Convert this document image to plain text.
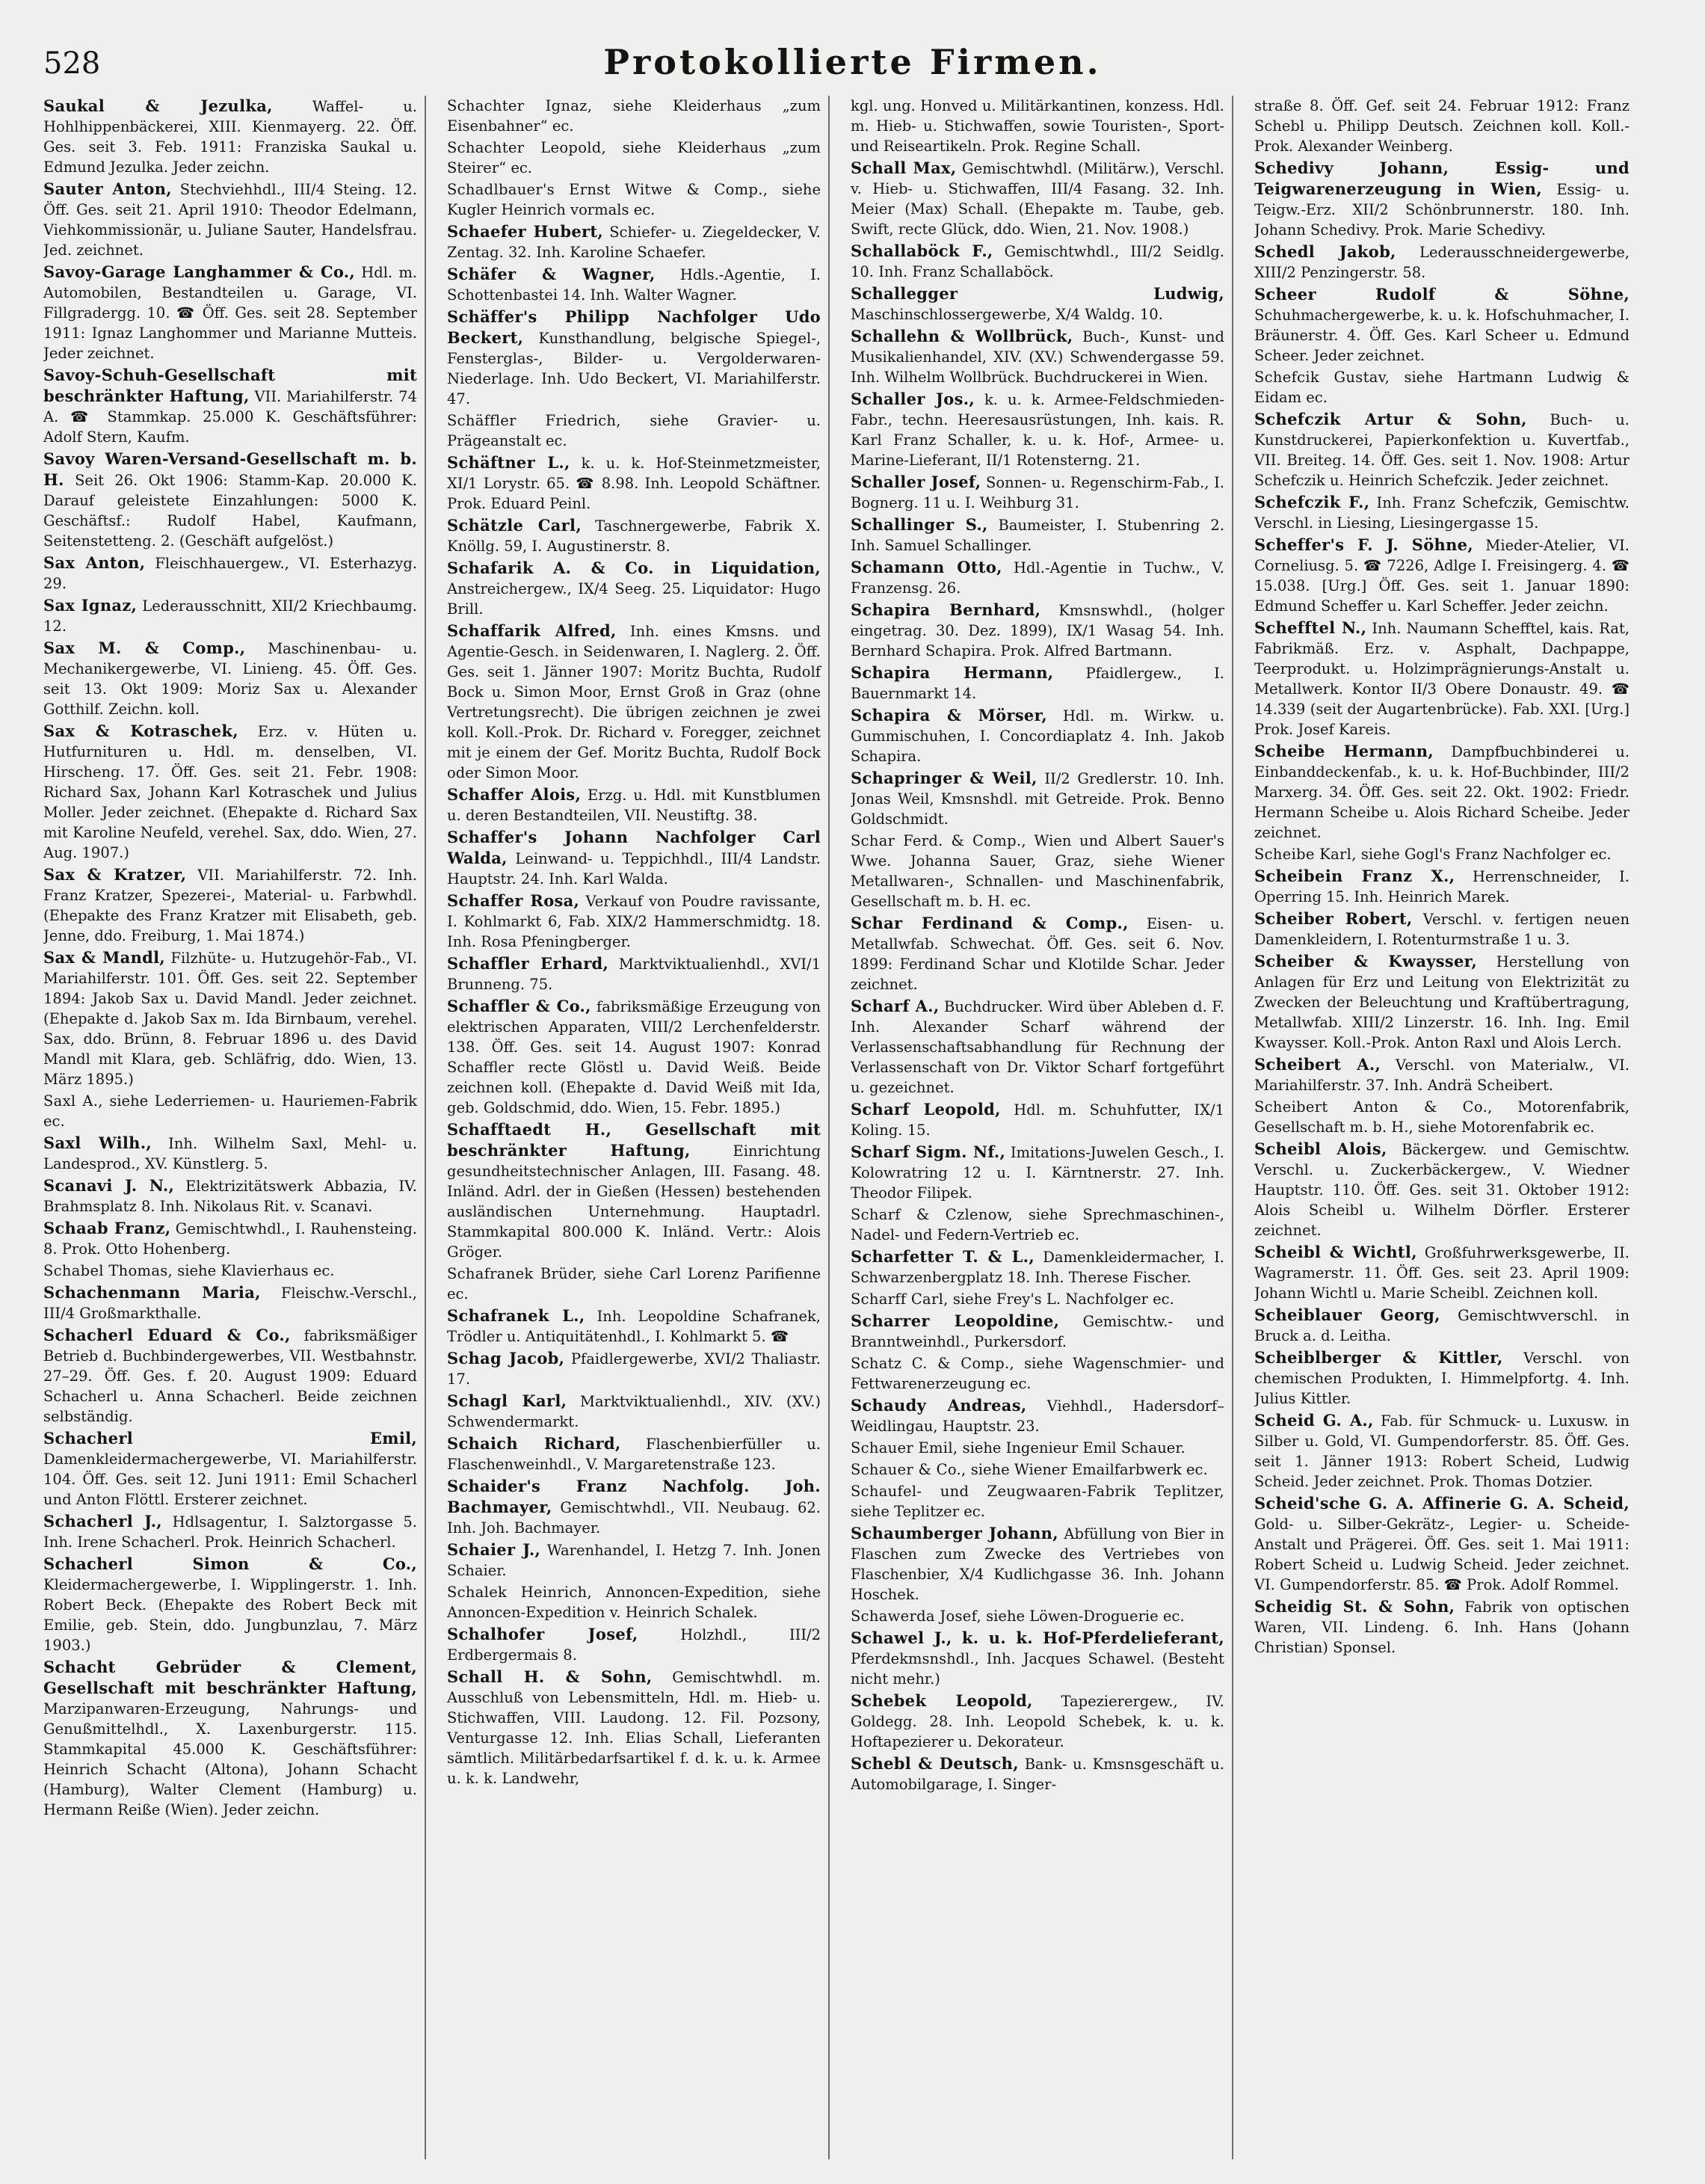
528	Protokollierte Firmen.

Saukal & Jezulka,	Waffel- u. Hohlhippenbäckerei, XIII. Kienmayerg. 22. Öff. Ges. seit 3. Feb. 1911: Franziska Saukal u. Edmund Jezulka. Jeder zeichn.

Sauter Anton, Stechviehhdl., III/4 Steing. 12. Öff. Ges. seit 21. April 1910: Theodor Edelmann, Viehkommissionär, u. Juliane Sauter, Handelsfrau. Jed. zeichnet.

Savoy-Garage Langhammer & Co., Hdl. m. Automobilen, Bestandteilen u. Garage, VI. Fillgradergg. 10. ☎ Öff. Ges. seit 28. September 1911: Ignaz Langhommer und Marianne Mutteis. Jeder zeichnet.

Savoy-Schuh-Gesellschaft mit beschränkter Haftung, VII. Mariahilferstr. 74 A. ☎ Stammkap. 25.000 K. Geschäftsführer: Adolf Stern, Kaufm.

Savoy Waren-Versand-Gesellschaft m. b. H. Seit 26. Okt 1906: Stamm-Kap. 20.000 K. Darauf geleistete Einzahlungen: 5000 K. Geschäftsf.: Rudolf Habel, Kaufmann, Seitenstetteng. 2. (Geschäft aufgelöst.)

Sax Anton, Fleischhauergew., VI. Esterhazyg. 29.

Sax Ignaz, Lederausschnitt, XII/2 Kriechbaumg. 12.

Sax M. & Comp., Maschinenbau- u. Mechanikergewerbe, VI. Linieng. 45. Öff. Ges. seit 13. Okt 1909: Moriz Sax u. Alexander Gotthilf. Zeichn. koll.

Sax & Kotraschek, Erz. v. Hüten u. Hutfurnituren u. Hdl. m. denselben, VI. Hirscheng. 17. Öff. Ges. seit 21. Febr. 1908: Richard Sax, Johann Karl Kotraschek und Julius Moller. Jeder zeichnet. (Ehepakte d. Richard Sax mit Karoline Neufeld, verehel. Sax, ddo. Wien, 27. Aug. 1907.)

Sax & Kratzer, VII. Mariahilferstr. 72. Inh. Franz Kratzer, Spezerei-, Material- u. Farbwhdl. (Ehepakte des Franz Kratzer mit Elisabeth, geb. Jenne, ddo. Freiburg, 1. Mai 1874.)

Sax & Mandl, Filzhüte- u. Hutzugehör-Fab., VI. Mariahilferstr. 101. Öff. Ges. seit 22. September 1894: Jakob Sax u. David Mandl. Jeder zeichnet. (Ehepakte d. Jakob Sax m. Ida Birnbaum, verehel. Sax, ddo. Brünn, 8. Februar 1896 u. des David Mandl mit Klara, geb. Schläfrig, ddo. Wien, 13. März 1895.)

Saxl A., siehe Lederriemen- u. Hauriemen-Fabrik ec.

Saxl Wilh., Inh. Wilhelm Saxl, Mehl- u. Landesprod., XV. Künstlerg. 5.

Scanavi J. N., Elektrizitätswerk Abbazia, IV. Brahmsplatz 8. Inh. Nikolaus Rit. v. Scanavi.

Schaab Franz, Gemischtwhdl., I. Rauhensteing. 8. Prok. Otto Hohenberg.

Schabel Thomas, siehe Klavierhaus ec.

Schachenmann Maria, Fleischw.-Verschl., III/4 Großmarkthalle.

Schacherl Eduard & Co., fabriksmäßiger Betrieb d. Buchbindergewerbes, VII. Westbahnstr. 27–29. Öff. Ges. f. 20. August 1909: Eduard Schacherl u. Anna Schacherl. Beide zeichnen selbständig.

Schacherl Emil, Damenkleidermachergewerbe, VI. Mariahilferstr. 104. Öff. Ges. seit 12. Juni 1911: Emil Schacherl und Anton Flöttl. Ersterer zeichnet.

Schacherl J., Hdlsagentur, I. Salztorgasse 5. Inh. Irene Schacherl. Prok. Heinrich Schacherl.

Schacherl Simon & Co., Kleidermachergewerbe, I. Wipplingerstr. 1. Inh. Robert Beck. (Ehepakte des Robert Beck mit Emilie, geb. Stein, ddo. Jungbunzlau, 7. März 1903.)

Schacht Gebrüder & Clement, Gesellschaft mit beschränkter Haftung, Marzipanwaren-Erzeugung, Nahrungs- und Genußmittelhdl., X. Laxenburgerstr. 115. Stammkapital 45.000 K. Geschäftsführer: Heinrich Schacht (Altona), Johann Schacht (Hamburg), Walter Clement (Hamburg) u. Hermann Reiße (Wien). Jeder zeichn.

Schachter Ignaz, siehe Kleiderhaus „zum Eisenbahner“ ec.

Schachter Leopold, siehe Kleiderhaus „zum Steirer“ ec.

Schadlbauer's Ernst Witwe & Comp., siehe Kugler Heinrich vormals ec.

Schaefer Hubert, Schiefer- u. Ziegeldecker, V. Zentag. 32. Inh. Karoline Schaefer.

Schäfer & Wagner, Hdls.-Agentie, I. Schottenbastei 14. Inh. Walter Wagner.

Schäffer's Philipp Nachfolger Udo Beckert, Kunsthandlung, belgische Spiegel-, Fensterglas-, Bilder- u. Vergolderwaren-Niederlage. Inh. Udo Beckert, VI. Mariahilferstr. 47.

Schäffler Friedrich, siehe Gravier- u. Prägeanstalt ec.

Schäftner L., k. u. k. Hof-Steinmetzmeister, XI/1 Lorystr. 65. ☎ 8.98. Inh. Leopold Schäftner. Prok. Eduard Peinl.

Schätzle Carl, Taschnergewerbe, Fabrik X. Knöllg. 59, I. Augustinerstr. 8.

Schafarik A. & Co. in Liquidation, Anstreichergew., IX/4 Seeg. 25. Liquidator: Hugo Brill.

Schaffarik Alfred, Inh. eines Kmsns. und Agentie-Gesch. in Seidenwaren, I. Naglerg. 2. Öff. Ges. seit 1. Jänner 1907: Moritz Buchta, Rudolf Bock u. Simon Moor, Ernst Groß in Graz (ohne Vertretungsrecht). Die übrigen zeichnen je zwei koll. Koll.-Prok. Dr. Richard v. Foregger, zeichnet mit je einem der Gef. Moritz Buchta, Rudolf Bock oder Simon Moor.

Schaffer Alois, Erzg. u. Hdl. mit Kunstblumen u. deren Bestandteilen, VII. Neustiftg. 38.

Schaffer's Johann Nachfolger Carl Walda, Leinwand- u. Teppichhdl., III/4 Landstr. Hauptstr. 24. Inh. Karl Walda.

Schaffer Rosa, Verkauf von Poudre ravissante, I. Kohlmarkt 6, Fab. XIX/2 Hammerschmidtg. 18. Inh. Rosa Pfeningberger.

Schaffler Erhard, Marktviktualienhdl., XVI/1 Brunneng. 75.

Schaffler & Co., fabriksmäßige Erzeugung von elektrischen Apparaten, VIII/2 Lerchenfelderstr. 138. Öff. Ges. seit 14. August 1907: Konrad Schaffler recte Glöstl u. David Weiß. Beide zeichnen koll. (Ehepakte d. David Weiß mit Ida, geb. Goldschmid, ddo. Wien, 15. Febr. 1895.)

Schafftaedt H., Gesellschaft mit beschränkter Haftung,	Einrichtung gesundheitstechnischer Anlagen, III. Fasang. 48. Inländ. Adrl. der in Gießen (Hessen) bestehenden ausländischen Unternehmung. Hauptadrl. Stammkapital 800.000 K. Inländ. Vertr.: Alois Gröger.

Schafranek Brüder, siehe Carl Lorenz Parifienne ec.

Schafranek L., Inh. Leopoldine Schafranek, Trödler u. Antiquitätenhdl., I. Kohlmarkt 5. ☎

Schag Jacob, Pfaidlergewerbe, XVI/2 Thaliastr. 17.

Schagl Karl, Marktviktualienhdl., XIV. (XV.) Schwendermarkt.

Schaich Richard, Flaschenbierfüller u. Flaschenweinhdl., V. Margaretenstraße 123.

Schaider's Franz Nachfolg. Joh. Bachmayer, Gemischtwhdl., VII. Neubaug. 62. Inh. Joh. Bachmayer.

Schaier J., Warenhandel, I. Hetzg 7. Inh. Jonen Schaier.

Schalek Heinrich, Annoncen-Expedition, siehe Annoncen-Expedition v. Heinrich Schalek.

Schalhofer Josef,	Holzhdl., III/2 Erdbergermais 8.

Schall H. & Sohn, Gemischtwhdl. m. Ausschluß von Lebensmitteln, Hdl. m. Hieb- u. Stichwaffen, VIII. Laudong. 12. Fil. Pozsony, Venturgasse 12. Inh. Elias Schall, Lieferanten sämtlich. Militärbedarfsartikel f. d. k. u. k. Armee u. k. k. Landwehr,

kgl. ung. Honved u. Militärkantinen, konzess. Hdl. m. Hieb- u. Stichwaffen, sowie Touristen-, Sport- und Reiseartikeln. Prok. Regine Schall.

Schall Max, Gemischtwhdl. (Militärw.), Verschl. v. Hieb- u. Stichwaffen, III/4 Fasang. 32. Inh. Meier (Max) Schall. (Ehepakte m. Taube, geb. Swift, recte Glück, ddo. Wien, 21. Nov. 1908.)

Schallaböck F., Gemischtwhdl., III/2 Seidlg. 10. Inh. Franz Schallaböck.

Schallegger Ludwig, Maschinschlossergewerbe, X/4 Waldg. 10.

Schallehn & Wollbrück, Buch-, Kunst- und Musikalienhandel, XIV. (XV.) Schwendergasse 59. Inh. Wilhelm Wollbrück. Buchdruckerei in Wien.

Schaller Jos., k. u. k. Armee-Feldschmieden-Fabr., techn. Heeresausrüstungen, Inh. kais. R. Karl Franz Schaller, k. u. k. Hof-, Armee- u. Marine-Lieferant, II/1 Rotensterng. 21.

Schaller Josef, Sonnen- u. Regenschirm-Fab., I. Bognerg. 11 u. I. Weihburg 31.

Schallinger S., Baumeister, I. Stubenring 2. Inh. Samuel Schallinger.

Schamann Otto, Hdl.-Agentie in Tuchw., V. Franzensg. 26.

Schapira Bernhard, Kmsnswhdl., (holger eingetrag. 30. Dez. 1899), IX/1 Wasag 54. Inh. Bernhard Schapira. Prok. Alfred Bartmann.

Schapira Hermann, Pfaidlergew., I. Bauernmarkt 14.

Schapira & Mörser, Hdl. m. Wirkw. u. Gummischuhen, I. Concordiaplatz 4. Inh. Jakob Schapira.

Schapringer & Weil, II/2 Gredlerstr. 10. Inh. Jonas Weil, Kmsnshdl. mit Getreide. Prok. Benno Goldschmidt.

Schar Ferd. & Comp., Wien und Albert Sauer's Wwe. Johanna Sauer, Graz, siehe Wiener Metallwaren-, Schnallen- und Maschinenfabrik, Gesellschaft m. b. H. ec.

Schar Ferdinand & Comp., Eisen- u. Metallwfab. Schwechat. Öff. Ges. seit 6. Nov. 1899: Ferdinand Schar und Klotilde Schar. Jeder zeichnet.

Scharf A., Buchdrucker. Wird über Ableben d. F. Inh. Alexander Scharf während der Verlassenschaftsabhandlung für Rechnung der Verlassenschaft von Dr. Viktor Scharf fortgeführt u. gezeichnet.

Scharf Leopold, Hdl. m. Schuhfutter, IX/1 Koling. 15.

Scharf Sigm. Nf., Imitations-Juwelen Gesch., I. Kolowratring 12 u. I. Kärntnerstr. 27. Inh. Theodor Filipek.

Scharf & Czlenow, siehe Sprechmaschinen-, Nadel- und Federn-Vertrieb ec.

Scharfetter T. & L., Damenkleidermacher, I. Schwarzenbergplatz 18. Inh. Therese Fischer.

Scharff Carl, siehe Frey's L. Nachfolger ec.

Scharrer Leopoldine, Gemischtw.- und Branntweinhdl., Purkersdorf.

Schatz C. & Comp., siehe Wagenschmier- und Fettwarenerzeugung ec.

Schaudy Andreas, Viehhdl., Hadersdorf–Weidlingau, Hauptstr. 23.

Schauer Emil, siehe Ingenieur Emil Schauer.

Schauer & Co., siehe Wiener Emailfarbwerk ec.

Schaufel- und Zeugwaaren-Fabrik Teplitzer, siehe Teplitzer ec.

Schaumberger Johann, Abfüllung von Bier in Flaschen zum Zwecke des Vertriebes von Flaschenbier, X/4 Kudlichgasse 36. Inh. Johann Hoschek.

Schawerda Josef, siehe Löwen-Droguerie ec.

Schawel J., k. u. k. Hof-Pferdelieferant, Pferdekmsnshdl., Inh. Jacques Schawel. (Besteht nicht mehr.)

Schebek Leopold, Tapezierergew., IV. Goldegg. 28. Inh. Leopold Schebek, k. u. k. Hoftapezierer u. Dekorateur.

Schebl & Deutsch, Bank- u. Kmsnsgeschäft u. Automobilgarage, I. Singer-

straße 8. Öff. Gef. seit 24. Februar 1912: Franz Schebl u. Philipp Deutsch. Zeichnen koll. Koll.-Prok. Alexander Weinberg.

Schedivy Johann, Essig- und Teigwarenerzeugung in Wien, Essig- u. Teigw.-Erz. XII/2 Schönbrunnerstr. 180. Inh. Johann Schedivy. Prok. Marie Schedivy.

Schedl Jakob, Lederausschneidergewerbe, XIII/2 Penzingerstr. 58.

Scheer Rudolf & Söhne, Schuhmachergewerbe, k. u. k. Hofschuhmacher, I. Bräunerstr. 4. Öff. Ges. Karl Scheer u. Edmund Scheer. Jeder zeichnet.

Schefcik Gustav, siehe Hartmann Ludwig & Eidam ec.

Schefczik Artur & Sohn, Buch- u. Kunstdruckerei, Papierkonfektion u. Kuvertfab., VII. Breiteg. 14. Öff. Ges. seit 1. Nov. 1908: Artur Schefczik u. Heinrich Schefczik. Jeder zeichnet.

Schefczik F., Inh. Franz Schefczik, Gemischtw. Verschl. in Liesing, Liesingergasse 15.

Scheffer's F. J. Söhne, Mieder-Atelier, VI. Corneliusg. 5. ☎ 7226, Adlge I. Freisingerg. 4. ☎ 15.038. [Urg.] Öff. Ges. seit 1. Januar 1890: Edmund Scheffer u. Karl Scheffer. Jeder zeichn.

Schefftel N., Inh. Naumann Schefftel, kais. Rat, Fabrikmäß. Erz. v. Asphalt, Dachpappe, Teerprodukt. u. Holzimprägnierungs-Anstalt u. Metallwerk. Kontor II/3 Obere Donaustr. 49. ☎ 14.339 (seit der Augartenbrücke). Fab. XXI. [Urg.] Prok. Josef Kareis.

Scheibe Hermann, Dampfbuchbinderei u. Einbanddeckenfab., k. u. k. Hof-Buchbinder, III/2 Marxerg. 34. Öff. Ges. seit 22. Okt. 1902: Friedr. Hermann Scheibe u. Alois Richard Scheibe. Jeder zeichnet.

Scheibe Karl, siehe Gogl's Franz Nachfolger ec.

Scheibein Franz X., Herrenschneider, I. Operring 15. Inh. Heinrich Marek.

Scheiber Robert, Verschl. v. fertigen neuen Damenkleidern, I. Rotenturmstraße 1 u. 3.

Scheiber & Kwaysser, Herstellung von Anlagen für Erz und Leitung von Elektrizität zu Zwecken der Beleuchtung und Kraftübertragung, Metallwfab. XIII/2 Linzerstr. 16. Inh. Ing. Emil Kwaysser. Koll.-Prok. Anton Raxl und Alois Lerch.

Scheibert A., Verschl. von Materialw., VI. Mariahilferstr. 37. Inh. Andrä Scheibert.

Scheibert Anton & Co., Motorenfabrik, Gesellschaft m. b. H., siehe Motorenfabrik ec.

Scheibl Alois, Bäckergew. und Gemischtw. Verschl. u. Zuckerbäckergew., V. Wiedner Hauptstr. 110. Öff. Ges. seit 31. Oktober 1912: Alois Scheibl u. Wilhelm Dörfler. Ersterer zeichnet.

Scheibl & Wichtl, Großfuhrwerksgewerbe, II. Wagramerstr. 11. Öff. Ges. seit 23. April 1909: Johann Wichtl u. Marie Scheibl. Zeichnen koll.

Scheiblauer Georg, Gemischtwverschl. in Bruck a. d. Leitha.

Scheiblberger & Kittler, Verschl. von chemischen Produkten, I. Himmelpfortg. 4. Inh. Julius Kittler.

Scheid G. A., Fab. für Schmuck- u. Luxusw. in Silber u. Gold, VI. Gumpendorferstr. 85. Öff. Ges. seit 1. Jänner 1913: Robert Scheid, Ludwig Scheid. Jeder zeichnet. Prok. Thomas Dotzier.

Scheid'sche G. A. Affinerie G. A. Scheid, Gold- u. Silber-Gekrätz-, Legier- u. Scheide-Anstalt und Prägerei. Öff. Ges. seit 1. Mai 1911: Robert Scheid u. Ludwig Scheid. Jeder zeichnet. VI. Gumpendorferstr. 85. ☎ Prok. Adolf Rommel.

Scheidig St. & Sohn, Fabrik von optischen Waren, VII. Lindeng. 6. Inh. Hans (Johann Christian) Sponsel.
